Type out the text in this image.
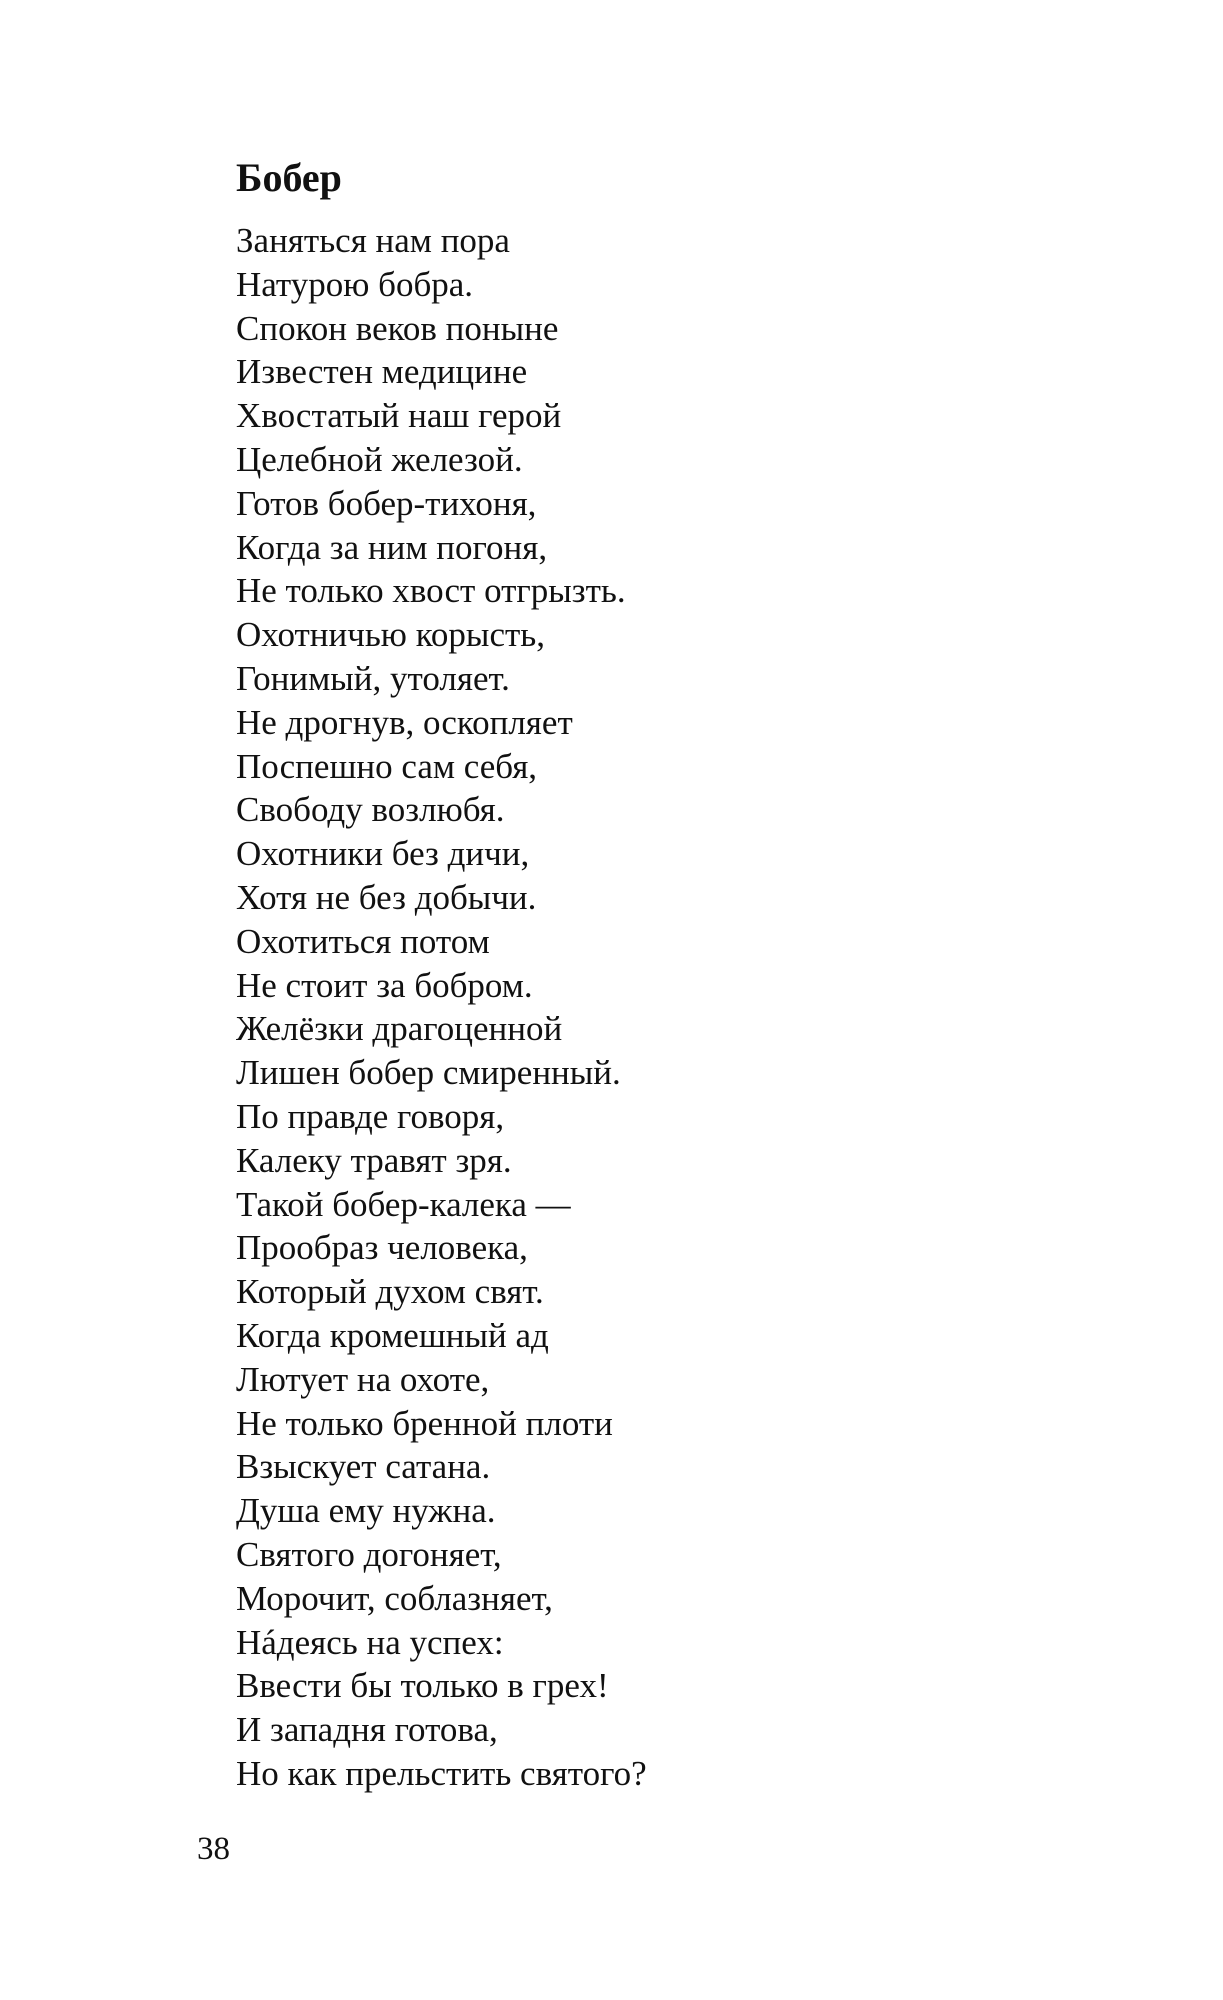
Бобер
Заняться нам пора
Натурою бобра.
Спокон веков поныне
Известен медицине
Хвостатый наш герой
Целебной железой.
Готов бобер-тихоня,
Когда за ним погоня,
Не только хвост отгрызть.
Охотничью корысть,
Гонимый, утоляет.
Не дрогнув, оскопляет
Поспешно сам себя,
Свободу возлюбя.
Охотники без дичи,
Хотя не без добычи.
Охотиться потом
Не стоит за бобром.
Желёзки драгоценной
Лишен бобер смиренный.
По правде говоря,
Калеку травят зря.
Такой бобер-калека —
Прообраз человека,
Который духом свят.
Когда кромешный ад
Лютует на охоте,
Не только бренной плоти
Взыскует сатана.
Душа ему нужна.
Святого догоняет,
Морочит, соблазняет,
Нáдеясь на успех:
Ввести бы только в грех!
И западня готова,
Но как прельстить святого?
38
